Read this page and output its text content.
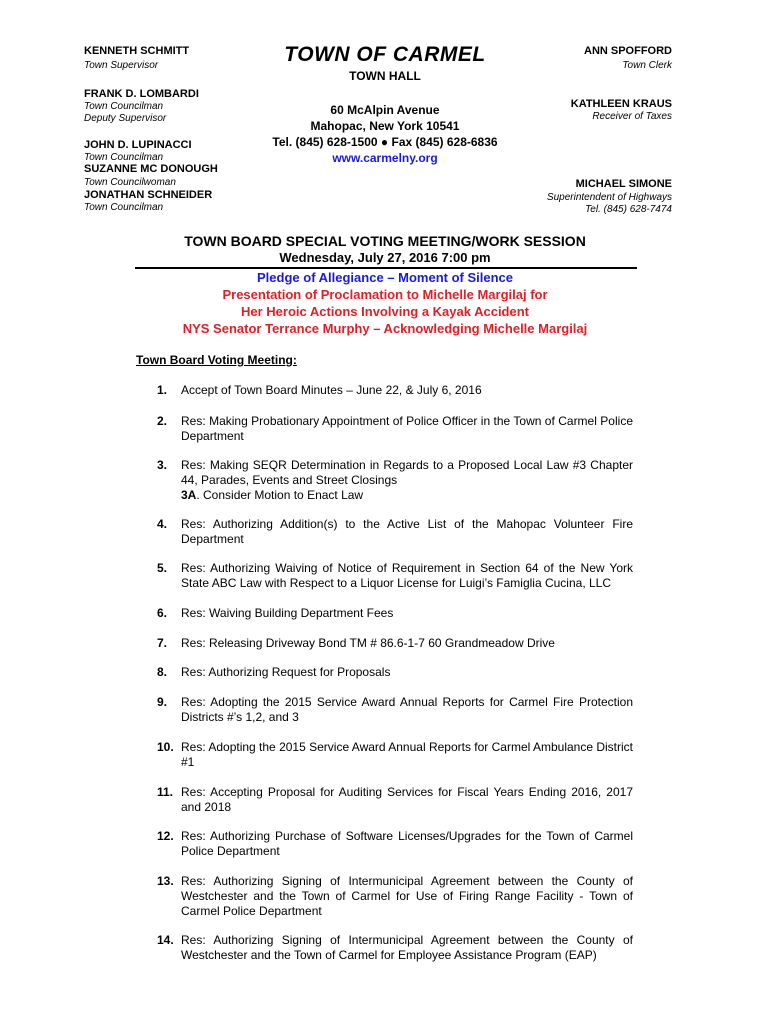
KENNETH SCHMITT
Town Supervisor
FRANK D. LOMBARDI
Town Councilman
Deputy Supervisor
JOHN D. LUPINACCI
Town Councilman
SUZANNE MC DONOUGH
Town Councilwoman
JONATHAN SCHNEIDER
Town Councilman
TOWN OF CARMEL
TOWN HALL
60 McAlpin Avenue
Mahopac, New York 10541
Tel. (845) 628-1500 ● Fax (845) 628-6836
www.carmelny.org
ANN SPOFFORD
Town Clerk
KATHLEEN KRAUS
Receiver of Taxes
MICHAEL SIMONE
Superintendent of Highways
Tel. (845) 628-7474
TOWN BOARD SPECIAL VOTING MEETING/WORK SESSION
Wednesday, July 27, 2016 7:00 pm
Pledge of Allegiance – Moment of Silence
Presentation of Proclamation to Michelle Margilaj for
Her Heroic Actions Involving a Kayak Accident
NYS Senator Terrance Murphy – Acknowledging Michelle Margilaj
Town Board Voting Meeting:
1. Accept of Town Board Minutes – June 22, & July 6, 2016
2. Res: Making Probationary Appointment of Police Officer in the Town of Carmel Police Department
3. Res: Making SEQR Determination in Regards to a Proposed Local Law #3 Chapter 44, Parades, Events and Street Closings
3A. Consider Motion to Enact Law
4. Res: Authorizing Addition(s) to the Active List of the Mahopac Volunteer Fire Department
5. Res: Authorizing Waiving of Notice of Requirement in Section 64 of the New York State ABC Law with Respect to a Liquor License for Luigi’s Famiglia Cucina, LLC
6. Res: Waiving Building Department Fees
7. Res: Releasing Driveway Bond TM # 86.6-1-7 60 Grandmeadow Drive
8. Res: Authorizing Request for Proposals
9. Res: Adopting the 2015 Service Award Annual Reports for Carmel Fire Protection Districts #’s 1,2, and 3
10. Res: Adopting the 2015 Service Award Annual Reports for Carmel Ambulance District #1
11. Res: Accepting Proposal for Auditing Services for Fiscal Years Ending 2016, 2017 and 2018
12. Res: Authorizing Purchase of Software Licenses/Upgrades for the Town of Carmel Police Department
13. Res: Authorizing Signing of Intermunicipal Agreement between the County of Westchester and the Town of Carmel for Use of Firing Range Facility - Town of Carmel Police Department
14. Res: Authorizing Signing of Intermunicipal Agreement between the County of Westchester and the Town of Carmel for Employee Assistance Program (EAP)
